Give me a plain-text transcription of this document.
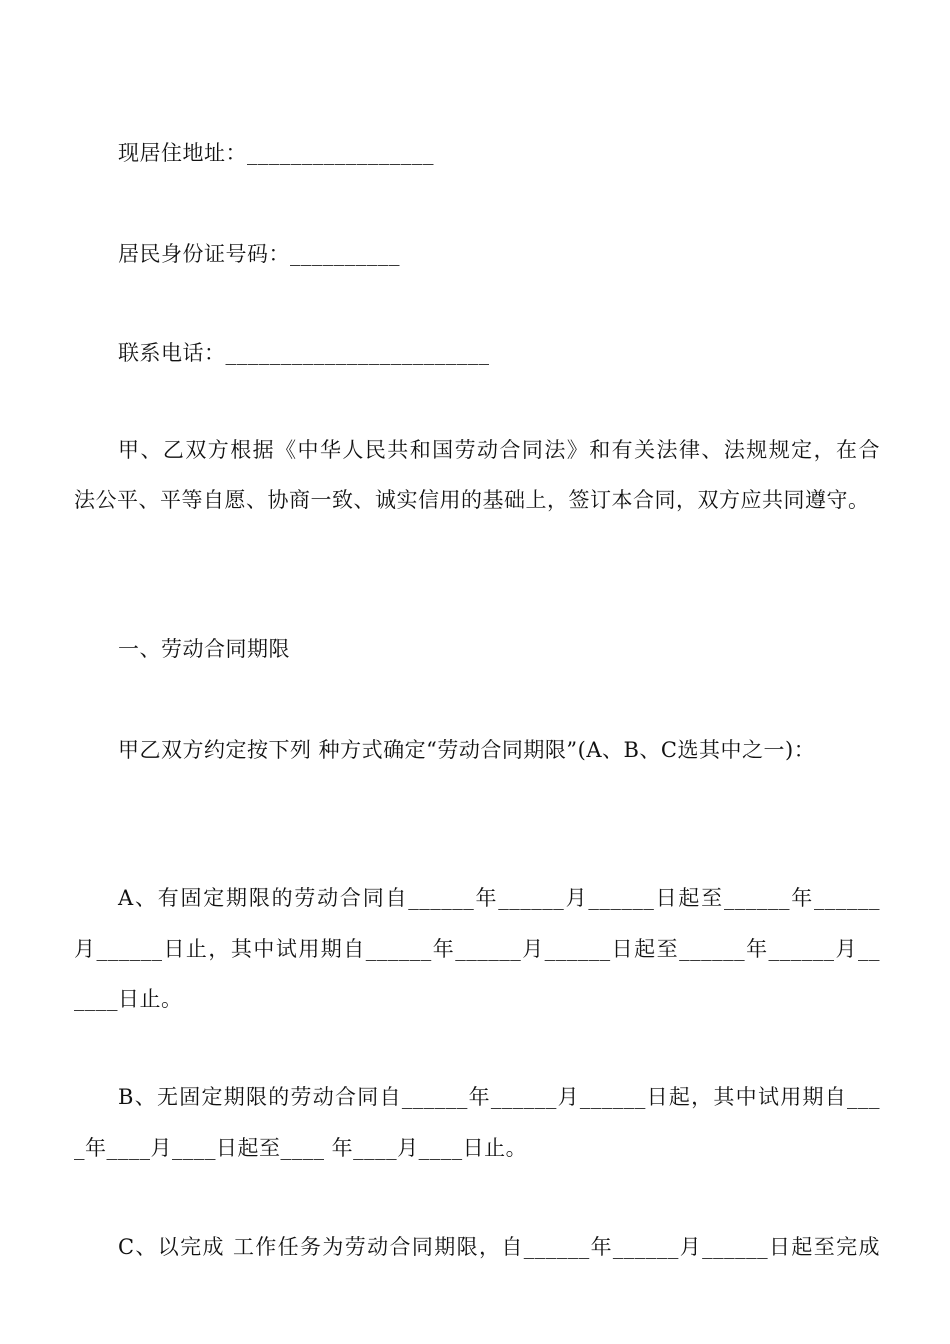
现居住地址：_________________
居民身份证号码：__________
联系电话：________________________
甲、乙双方根据《中华人民共和国劳动合同法》和有关法律、法规规定，在合
法公平、平等自愿、协商一致、诚实信用的基础上，签订本合同，双方应共同遵守。
一、劳动合同期限
甲乙双方约定按下列 种方式确定“劳动合同期限”(A、B、C选其中之一)：
A、有固定期限的劳动合同自______年______月______日起至______年______
月______日止，其中试用期自______年______月______日起至______年______月__
____日止。
B、无固定期限的劳动合同自______年______月______日起，其中试用期自___
_年____月____日起至____ 年____月____日止。
C、以完成 工作任务为劳动合同期限，自______年______月______日起至完成
